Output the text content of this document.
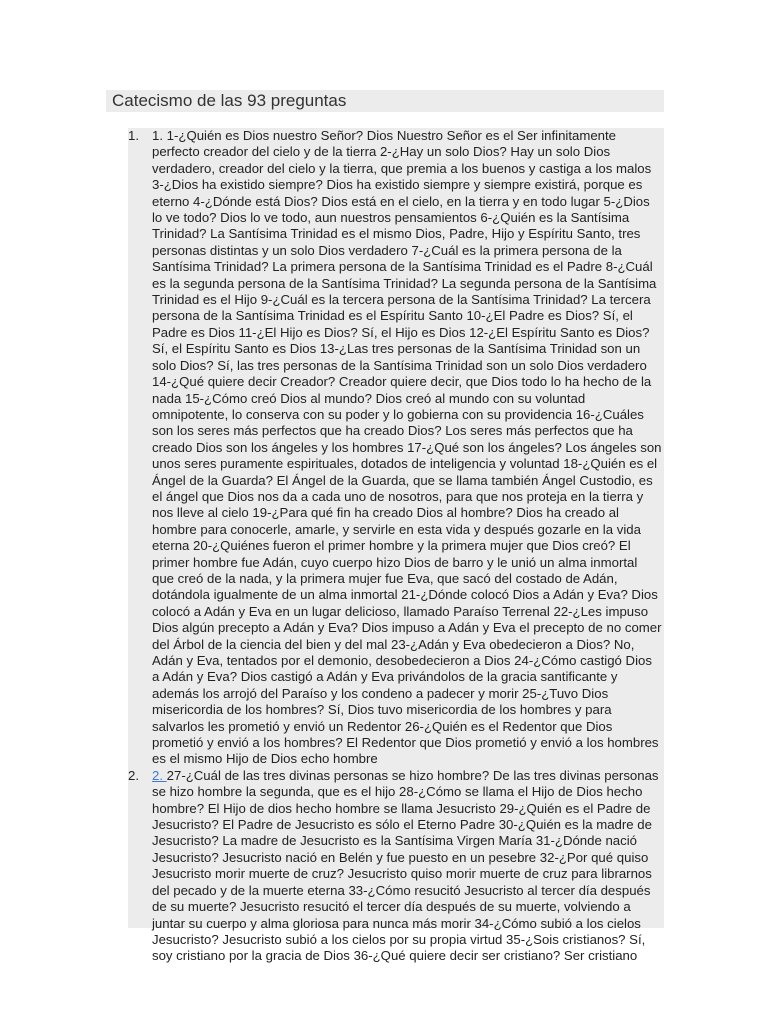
Catecismo de las 93 preguntas
1. 1. 1-¿Quién es Dios nuestro Señor? Dios Nuestro Señor es el Ser infinitamente perfecto creador del cielo y de la tierra 2-¿Hay un solo Dios? Hay un solo Dios verdadero, creador del cielo y la tierra, que premia a los buenos y castiga a los malos 3-¿Dios ha existido siempre? Dios ha existido siempre y siempre existirá, porque es eterno 4-¿Dónde está Dios? Dios está en el cielo, en la tierra y en todo lugar 5-¿Dios lo ve todo? Dios lo ve todo, aun nuestros pensamientos 6-¿Quién es la Santísima Trinidad? La Santísima Trinidad es el mismo Dios, Padre, Hijo y Espíritu Santo, tres personas distintas y un solo Dios verdadero 7-¿Cuál es la primera persona de la Santísima Trinidad? La primera persona de la Santísima Trinidad es el Padre 8-¿Cuál es la segunda persona de la Santísima Trinidad? La segunda persona de la Santísima Trinidad es el Hijo 9-¿Cuál es la tercera persona de la Santísima Trinidad? La tercera persona de la Santísima Trinidad es el Espíritu Santo 10-¿El Padre es Dios? Sí, el Padre es Dios 11-¿El Hijo es Dios? Sí, el Hijo es Dios 12-¿El Espíritu Santo es Dios? Sí, el Espíritu Santo es Dios 13-¿Las tres personas de la Santísima Trinidad son un solo Dios? Sí, las tres personas de la Santísima Trinidad son un solo Dios verdadero 14-¿Qué quiere decir Creador? Creador quiere decir, que Dios todo lo ha hecho de la nada 15-¿Cómo creó Dios al mundo? Dios creó al mundo con su voluntad omnipotente, lo conserva con su poder y lo gobierna con su providencia 16-¿Cuáles son los seres más perfectos que ha creado Dios? Los seres más perfectos que ha creado Dios son los ángeles y los hombres 17-¿Qué son los ángeles? Los ángeles son unos seres puramente espirituales, dotados de inteligencia y voluntad 18-¿Quién es el Ángel de la Guarda? El Ángel de la Guarda, que se llama también Ángel Custodio, es el ángel que Dios nos da a cada uno de nosotros, para que nos proteja en la tierra y nos lleve al cielo 19-¿Para qué fin ha creado Dios al hombre? Dios ha creado al hombre para conocerle, amarle, y servirle en esta vida y después gozarle en la vida eterna 20-¿Quiénes fueron el primer hombre y la primera mujer que Dios creó? El primer hombre fue Adán, cuyo cuerpo hizo Dios de barro y le unió un alma inmortal que creó de la nada, y la primera mujer fue Eva, que sacó del costado de Adán, dotándola igualmente de un alma inmortal 21-¿Dónde colocó Dios a Adán y Eva? Dios colocó a Adán y Eva en un lugar delicioso, llamado Paraíso Terrenal 22-¿Les impuso Dios algún precepto a Adán y Eva? Dios impuso a Adán y Eva el precepto de no comer del Árbol de la ciencia del bien y del mal 23-¿Adán y Eva obedecieron a Dios? No, Adán y Eva, tentados por el demonio, desobedecieron a Dios 24-¿Cómo castigó Dios a Adán y Eva? Dios castigó a Adán y Eva privándolos de la gracia santificante y además los arrojó del Paraíso y los condeno a padecer y morir 25-¿Tuvo Dios misericordia de los hombres? Sí, Dios tuvo misericordia de los hombres y para salvarlos les prometió y envió un Redentor 26-¿Quién es el Redentor que Dios prometió y envió a los hombres? El Redentor que Dios prometió y envió a los hombres es el mismo Hijo de Dios echo hombre
2. 2. 27-¿Cuál de las tres divinas personas se hizo hombre? De las tres divinas personas se hizo hombre la segunda, que es el hijo 28-¿Cómo se llama el Hijo de Dios hecho hombre? El Hijo de dios hecho hombre se llama Jesucristo 29-¿Quién es el Padre de Jesucristo? El Padre de Jesucristo es sólo el Eterno Padre 30-¿Quién es la madre de Jesucristo? La madre de Jesucristo es la Santísima Virgen María 31-¿Dónde nació Jesucristo? Jesucristo nació en Belén y fue puesto en un pesebre 32-¿Por qué quiso Jesucristo morir muerte de cruz? Jesucristo quiso morir muerte de cruz para librarnos del pecado y de la muerte eterna 33-¿Cómo resucitó Jesucristo al tercer día después de su muerte? Jesucristo resucitó el tercer día después de su muerte, volviendo a juntar su cuerpo y alma gloriosa para nunca más morir 34-¿Cómo subió a los cielos Jesucristo? Jesucristo subió a los cielos por su propia virtud 35-¿Sois cristianos? Sí, soy cristiano por la gracia de Dios 36-¿Qué quiere decir ser cristiano? Ser cristiano
